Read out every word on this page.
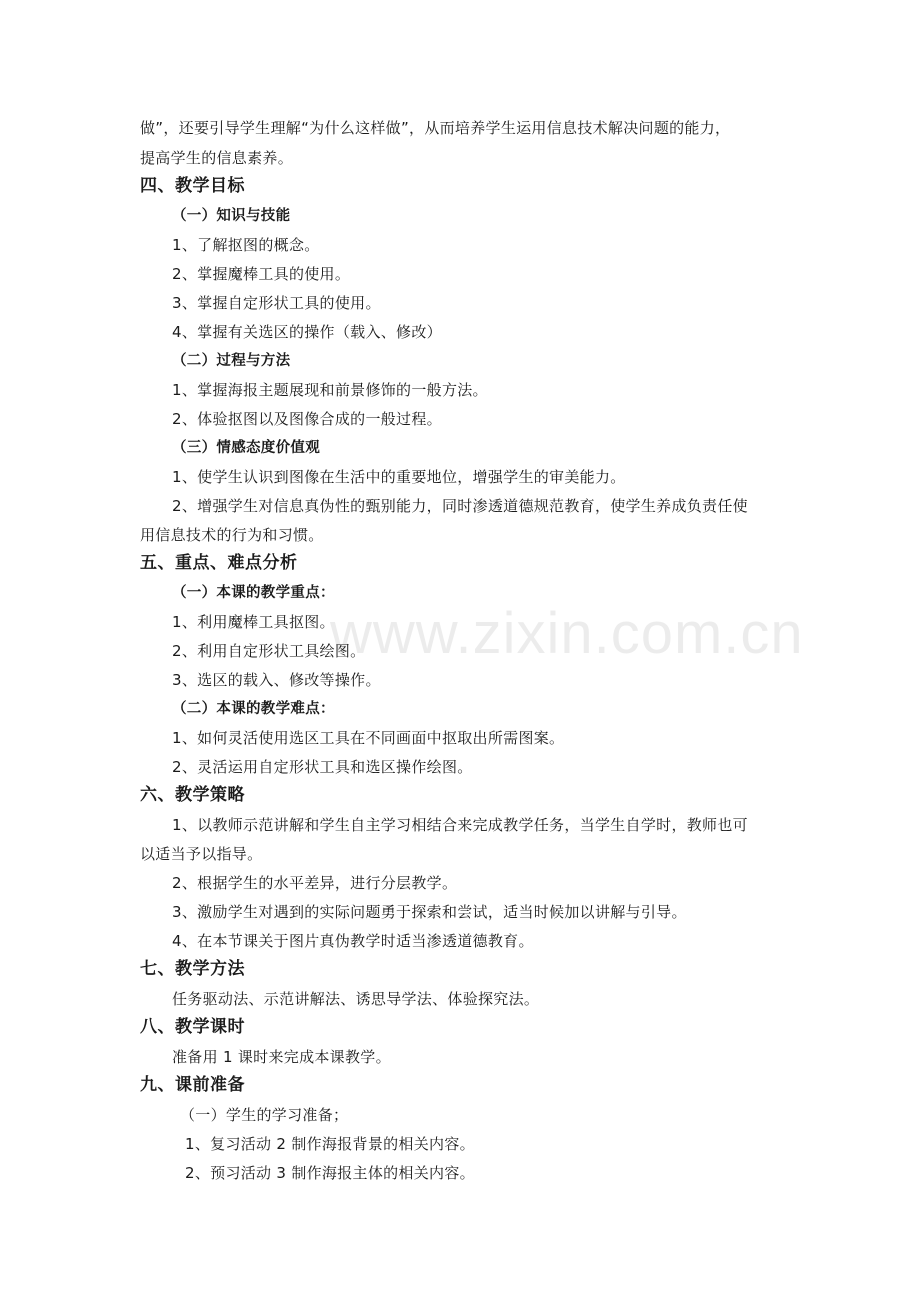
www.zixin.com.cn
做”，还要引导学生理解“为什么这样做”，从而培养学生运用信息技术解决问题的能力，
提高学生的信息素养。
四、教学目标
（一）知识与技能
1、了解抠图的概念。
2、掌握魔棒工具的使用。
3、掌握自定形状工具的使用。
4、掌握有关选区的操作（载入、修改）
（二）过程与方法
1、掌握海报主题展现和前景修饰的一般方法。
2、体验抠图以及图像合成的一般过程。
（三）情感态度价值观
1、使学生认识到图像在生活中的重要地位，增强学生的审美能力。
2、增强学生对信息真伪性的甄别能力，同时渗透道德规范教育，使学生养成负责任使
用信息技术的行为和习惯。
五、重点、难点分析
（一）本课的教学重点：
1、利用魔棒工具抠图。
2、利用自定形状工具绘图。
3、选区的载入、修改等操作。
（二）本课的教学难点：
1、如何灵活使用选区工具在不同画面中抠取出所需图案。
2、灵活运用自定形状工具和选区操作绘图。
六、教学策略
1、以教师示范讲解和学生自主学习相结合来完成教学任务，当学生自学时，教师也可
以适当予以指导。
2、根据学生的水平差异，进行分层教学。
3、激励学生对遇到的实际问题勇于探索和尝试，适当时候加以讲解与引导。
4、在本节课关于图片真伪教学时适当渗透道德教育。
七、教学方法
任务驱动法、示范讲解法、诱思导学法、体验探究法。
八、教学课时
准备用 1 课时来完成本课教学。
九、课前准备
（一）学生的学习准备；
1、复习活动 2 制作海报背景的相关内容。
2、预习活动 3 制作海报主体的相关内容。
